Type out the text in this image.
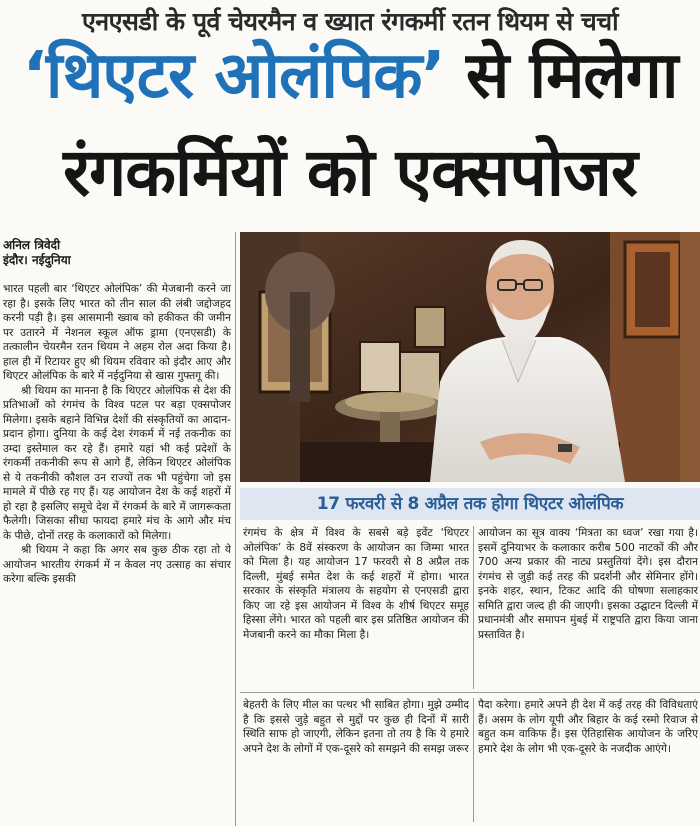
एनएसडी के पूर्व चेयरमैन व ख्यात रंगकर्मी रतन थियम से चर्चा
‘थिएटर ओलंपिक’ से मिलेगा
रंगकर्मियों को एक्सपोजर
अनिल त्रिवेदी
इंदौर। नईदुनिया

भारत पहली बार ‘थिएटर ओलंपिक’ की मेजबानी करने जा रहा है। इसके लिए भारत को तीन साल की लंबी जद्दोजहद करनी पड़ी है। इस आसमानी ख्वाब को हकीकत की जमीन पर उतारने में नेशनल स्कूल ऑफ ड्रामा (एनएसडी) के तत्कालीन चेयरमैन रतन थियम ने अहम रोल अदा किया है। हाल ही में रिटायर हुए श्री थियम रविवार को इंदौर आए और थिएटर ओलंपिक के बारे में नईदुनिया से खास गुफ्तगू की।

श्री थियम का मानना है कि थिएटर ओलंपिक से देश की प्रतिभाओं को रंगमंच के विश्व पटल पर बड़ा एक्सपोजर मिलेगा। इसके बहाने विभिन्न देशों की संस्कृतियों का आदान-प्रदान होगा। दुनिया के कई देश रंगकर्म में नई तकनीक का उम्दा इस्तेमाल कर रहे हैं। हमारे यहां भी कई प्रदेशों के रंगकर्मी तकनीकी रूप से आगे हैं, लेकिन थिएटर ओलंपिक से ये तकनीकी कौशल उन राज्यों तक भी पहुंचेगा जो इस मामले में पीछे रह गए हैं। यह आयोजन देश के कई शहरों में हो रहा है इसलिए समूचे देश में रंगकर्म के बारे में जागरूकता फैलेगी। जिसका सीधा फायदा हमारे मंच के आगे और मंच के पीछे, दोनों तरह के कलाकारों को मिलेगा।

श्री थियम ने कहा कि अगर सब कुछ ठीक रहा तो ये आयोजन भारतीय रंगकर्म में न केवल नए उत्साह का संचार करेगा बल्कि इसकी

17 फरवरी से 8 अप्रैल तक होगा थिएटर ओलंपिक

रंगमंच के क्षेत्र में विश्व के सबसे बड़े इवेंट ‘थिएटर ओलंपिक’ के 8वें संस्करण के आयोजन का जिम्मा भारत को मिला है। यह आयोजन 17 फरवरी से 8 अप्रैल तक दिल्ली, मुंबई समेत देश के कई शहरों में होगा। भारत सरकार के संस्कृति मंत्रालय के सहयोग से एनएसडी द्वारा किए जा रहे इस आयोजन में विश्व के शीर्ष थिएटर समूह हिस्सा लेंगे। भारत को पहली बार इस प्रतिष्ठित आयोजन की मेजबानी करने का मौका मिला है।

आयोजन का सूत्र वाक्य ‘मित्रता का ध्वज’ रखा गया है। इसमें दुनियाभर के कलाकार करीब 500 नाटकों की और 700 अन्य प्रकार की नाट्य प्रस्तुतियां देंगे। इस दौरान रंगमंच से जुड़ी कई तरह की प्रदर्शनी और सेमिनार होंगे। इनके शहर, स्थान, टिकट आदि की घोषणा सलाहकार समिति द्वारा जल्द ही की जाएगी। इसका उद्घाटन दिल्ली में प्रधानमंत्री और समापन मुंबई में राष्ट्रपति द्वारा किया जाना प्रस्तावित है।

बेहतरी के लिए मील का पत्थर भी साबित होगा। मुझे उम्मीद है कि इससे जुड़े बहुत से मुद्दों पर कुछ ही दिनों में सारी स्थिति साफ हो जाएगी, लेकिन इतना तो तय है कि ये हमारे अपने देश के लोगों में एक-दूसरे को समझने की समझ जरूर

पैदा करेगा। हमारे अपने ही देश में कई तरह की विविधताएं हैं। असम के लोग यूपी और बिहार के कई रस्मो रिवाज से बहुत कम वाकिफ हैं। इस ऐतिहासिक आयोजन के जरिए हमारे देश के लोग भी एक-दूसरे के नजदीक आएंगे।
